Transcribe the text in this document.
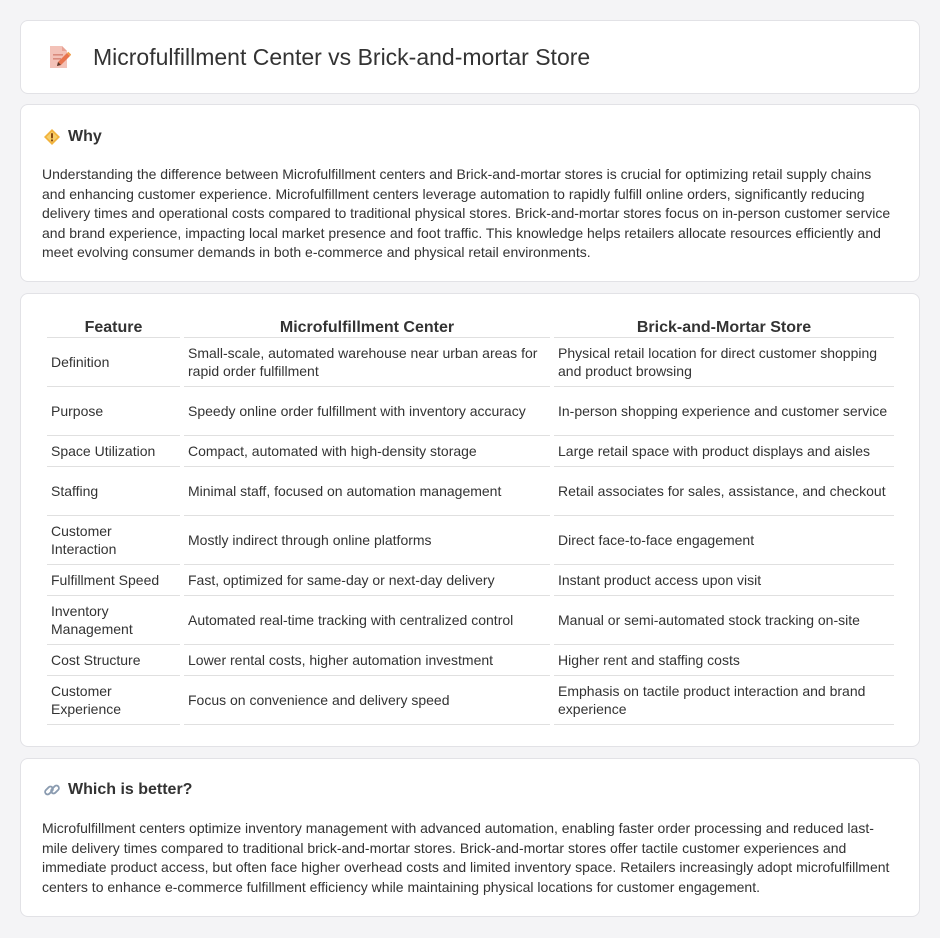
Microfulfillment Center vs Brick-and-mortar Store
Why

Understanding the difference between Microfulfillment centers and Brick-and-mortar stores is crucial for optimizing retail supply chains and enhancing customer experience. Microfulfillment centers leverage automation to rapidly fulfill online orders, significantly reducing delivery times and operational costs compared to traditional physical stores. Brick-and-mortar stores focus on in-person customer service and brand experience, impacting local market presence and foot traffic. This knowledge helps retailers allocate resources efficiently and meet evolving consumer demands in both e-commerce and physical retail environments.

Feature	Microfulfillment Center	Brick-and-Mortar Store
Definition	Small-scale, automated warehouse near urban areas for rapid order fulfillment	Physical retail location for direct customer shopping and product browsing
Purpose	Speedy online order fulfillment with inventory accuracy	In-person shopping experience and customer service
Space Utilization	Compact, automated with high-density storage	Large retail space with product displays and aisles
Staffing	Minimal staff, focused on automation management	Retail associates for sales, assistance, and checkout
Customer Interaction	Mostly indirect through online platforms	Direct face-to-face engagement
Fulfillment Speed	Fast, optimized for same-day or next-day delivery	Instant product access upon visit
Inventory Management	Automated real-time tracking with centralized control	Manual or semi-automated stock tracking on-site
Cost Structure	Lower rental costs, higher automation investment	Higher rent and staffing costs
Customer Experience	Focus on convenience and delivery speed	Emphasis on tactile product interaction and brand experience
Which is better?

Microfulfillment centers optimize inventory management with advanced automation, enabling faster order processing and reduced last-mile delivery times compared to traditional brick-and-mortar stores. Brick-and-mortar stores offer tactile customer experiences and immediate product access, but often face higher overhead costs and limited inventory space. Retailers increasingly adopt microfulfillment centers to enhance e-commerce fulfillment efficiency while maintaining physical locations for customer engagement.
